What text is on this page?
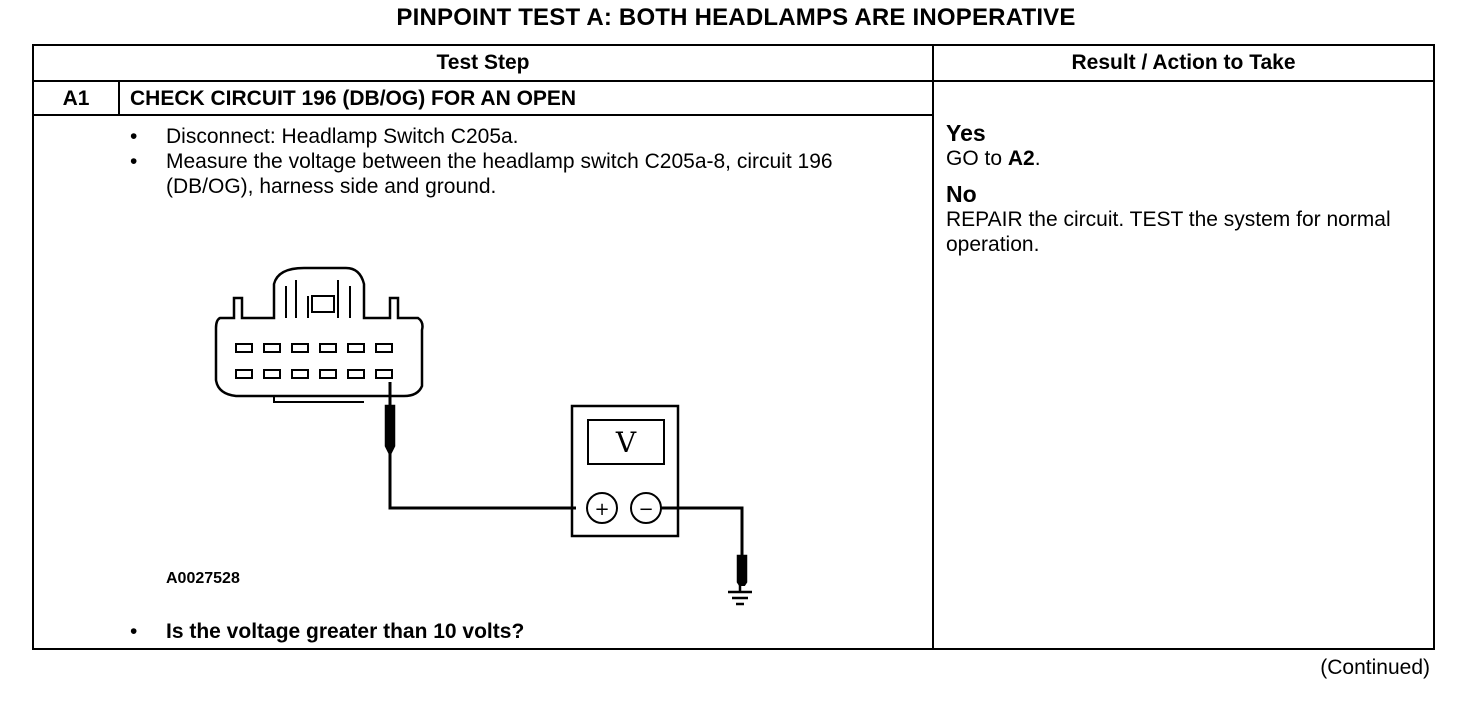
PINPOINT TEST A: BOTH HEADLAMPS ARE INOPERATIVE
Test Step	Result / Action to Take
A1	CHECK CIRCUIT 196 (DB/OG) FOR AN OPEN
• Disconnect: Headlamp Switch C205a.
• Measure the voltage between the headlamp switch C205a-8, circuit 196 (DB/OG), harness side and ground.
V
+ −
A0027528
• Is the voltage greater than 10 volts?
Yes
GO to A2.
No
REPAIR the circuit. TEST the system for normal operation.
(Continued)
